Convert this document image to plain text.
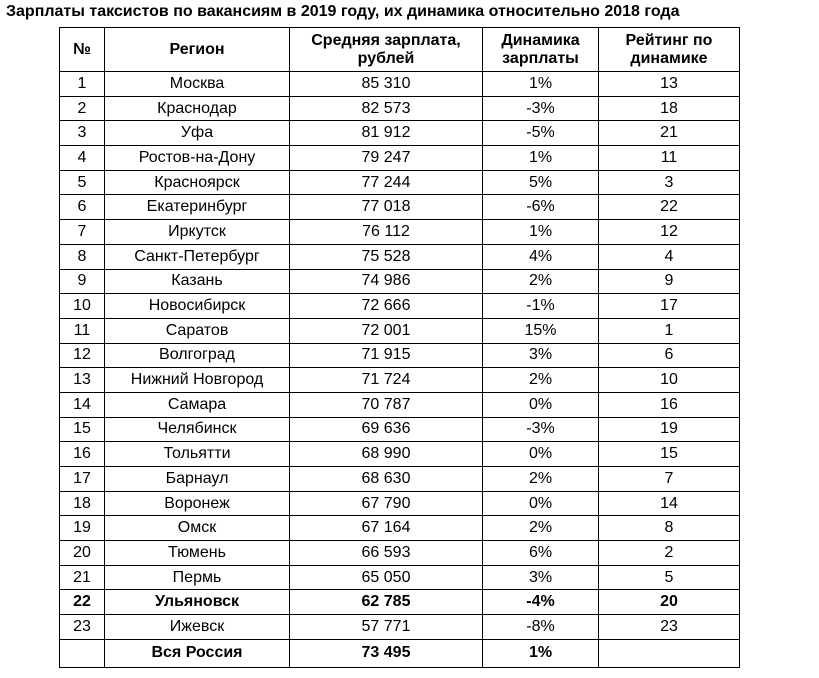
Зарплаты таксистов по вакансиям в 2019 году, их динамика относительно 2018 года
№	Регион	Средняя зарплата, рублей	Динамика зарплаты	Рейтинг по динамике
1	Москва	85 310	1%	13
2	Краснодар	82 573	-3%	18
3	Уфа	81 912	-5%	21
4	Ростов-на-Дону	79 247	1%	11
5	Красноярск	77 244	5%	3
6	Екатеринбург	77 018	-6%	22
7	Иркутск	76 112	1%	12
8	Санкт-Петербург	75 528	4%	4
9	Казань	74 986	2%	9
10	Новосибирск	72 666	-1%	17
11	Саратов	72 001	15%	1
12	Волгоград	71 915	3%	6
13	Нижний Новгород	71 724	2%	10
14	Самара	70 787	0%	16
15	Челябинск	69 636	-3%	19
16	Тольятти	68 990	0%	15
17	Барнаул	68 630	2%	7
18	Воронеж	67 790	0%	14
19	Омск	67 164	2%	8
20	Тюмень	66 593	6%	2
21	Пермь	65 050	3%	5
22	Ульяновск	62 785	-4%	20
23	Ижевск	57 771	-8%	23
	Вся Россия	73 495	1%	
